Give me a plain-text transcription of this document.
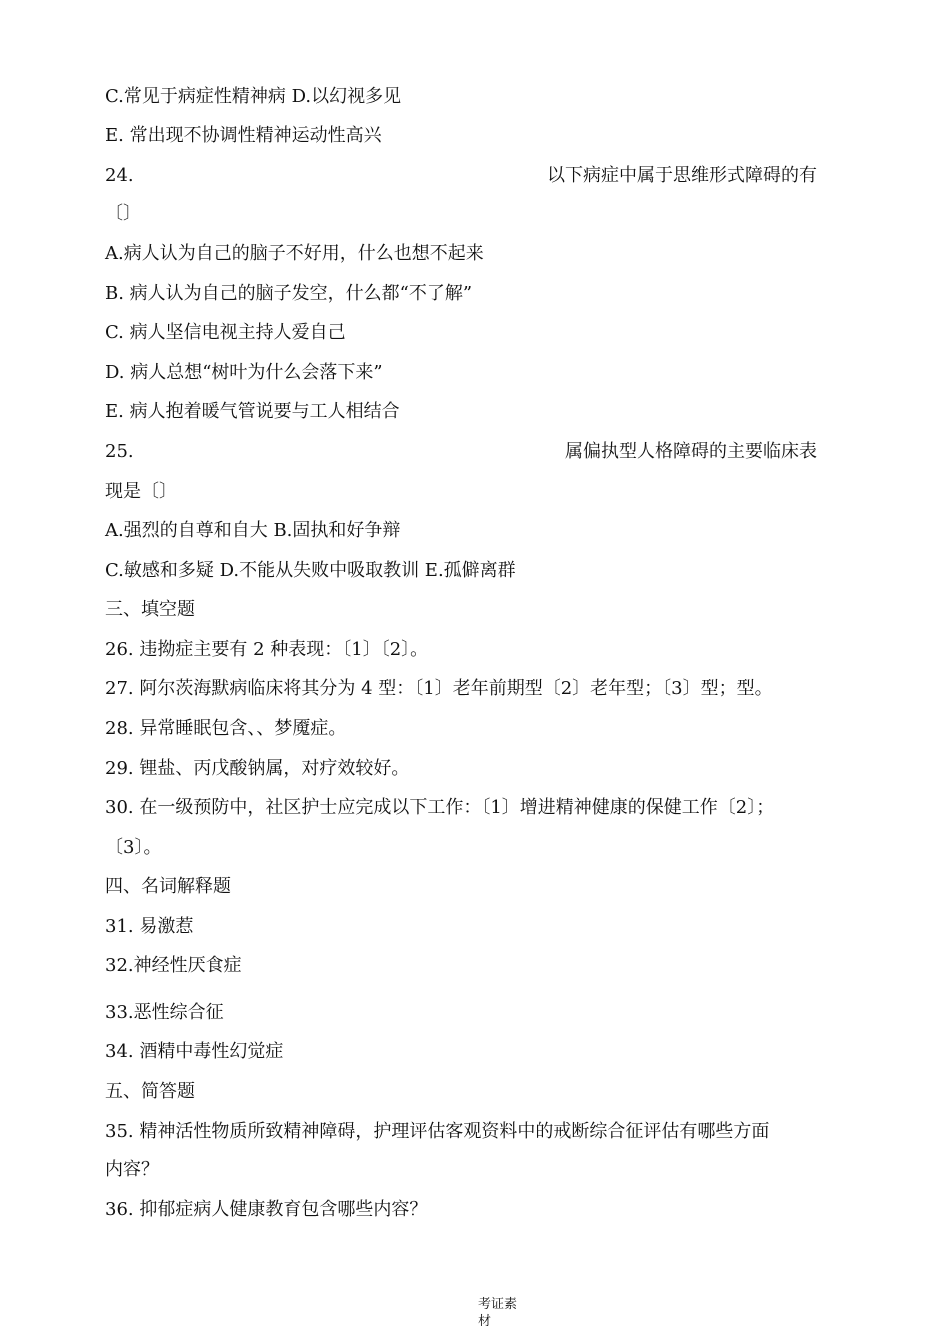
C.常见于病症性精神病 D.以幻视多见
E. 常出现不协调性精神运动性高兴
24.	以下病症中属于思维形式障碍的有
〔〕
A.病人认为自己的脑子不好用，什么也想不起来
B. 病人认为自己的脑子发空，什么都“不了解”
C. 病人坚信电视主持人爱自己
D. 病人总想“树叶为什么会落下来”
E. 病人抱着暖气管说要与工人相结合
25.	属偏执型人格障碍的主要临床表
现是〔〕
A.强烈的自尊和自大 B.固执和好争辩
C.敏感和多疑 D.不能从失败中吸取教训 E.孤僻离群
三、填空题
26. 违拗症主要有 2 种表现：〔1〕〔2〕。
27. 阿尔茨海默病临床将其分为 4 型：〔1〕老年前期型〔2〕老年型；〔3〕型；型。
28. 异常睡眠包含、、梦魇症。
29. 锂盐、丙戊酸钠属，对疗效较好。
30. 在一级预防中，社区护士应完成以下工作：〔1〕增进精神健康的保健工作〔2〕；
〔3〕。
四、名词解释题
31. 易激惹
32.神经性厌食症
33.恶性综合征
34. 酒精中毒性幻觉症
五、简答题
35. 精神活性物质所致精神障碍，护理评估客观资料中的戒断综合征评估有哪些方面
内容？
36. 抑郁症病人健康教育包含哪些内容？
考证素材
